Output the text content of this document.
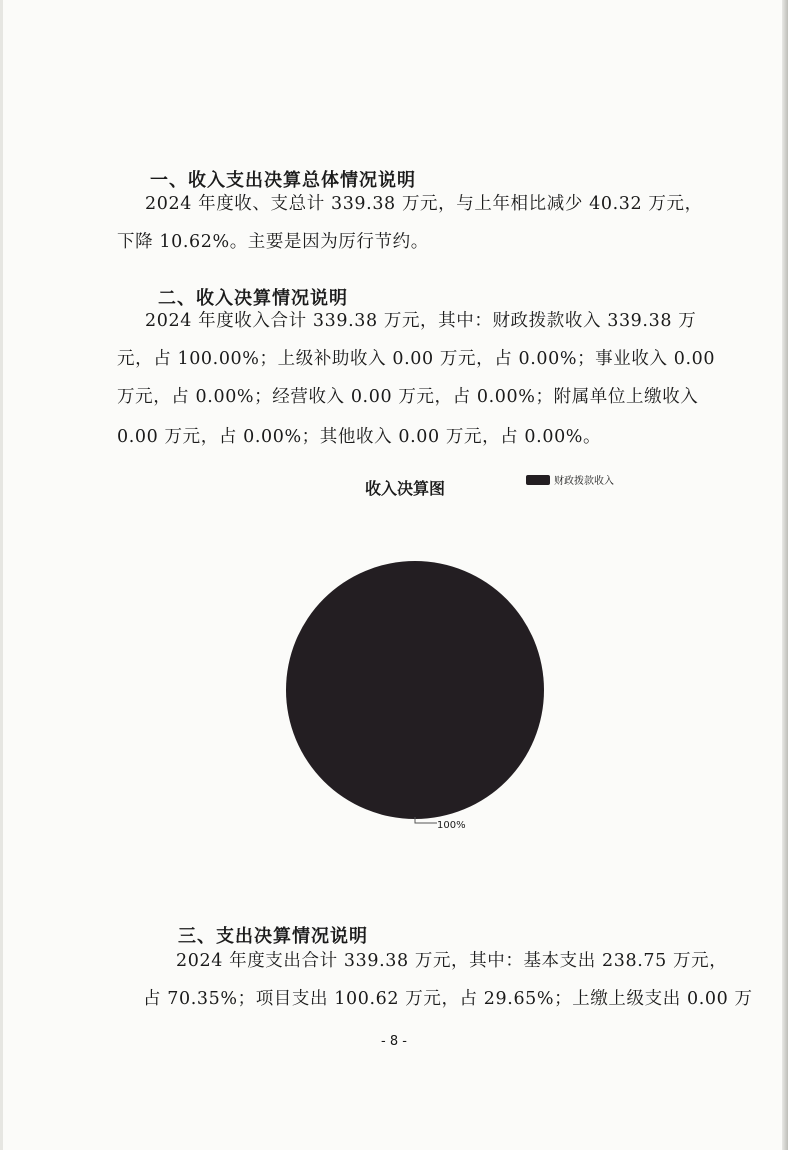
一、收入支出决算总体情况说明
2024 年度收、支总计 339.38 万元，与上年相比减少 40.32 万元，
下降 10.62%。主要是因为厉行节约。
二、收入决算情况说明
2024 年度收入合计 339.38 万元，其中：财政拨款收入 339.38 万
元，占 100.00%；上级补助收入 0.00 万元，占 0.00%；事业收入 0.00
万元，占 0.00%；经营收入 0.00 万元，占 0.00%；附属单位上缴收入
0.00 万元，占 0.00%；其他收入 0.00 万元，占 0.00%。
收入决算图	财政拨款收入
100%
三、支出决算情况说明
2024 年度支出合计 339.38 万元，其中：基本支出 238.75 万元，
占 70.35%；项目支出 100.62 万元，占 29.65%；上缴上级支出 0.00 万
- 8 -
